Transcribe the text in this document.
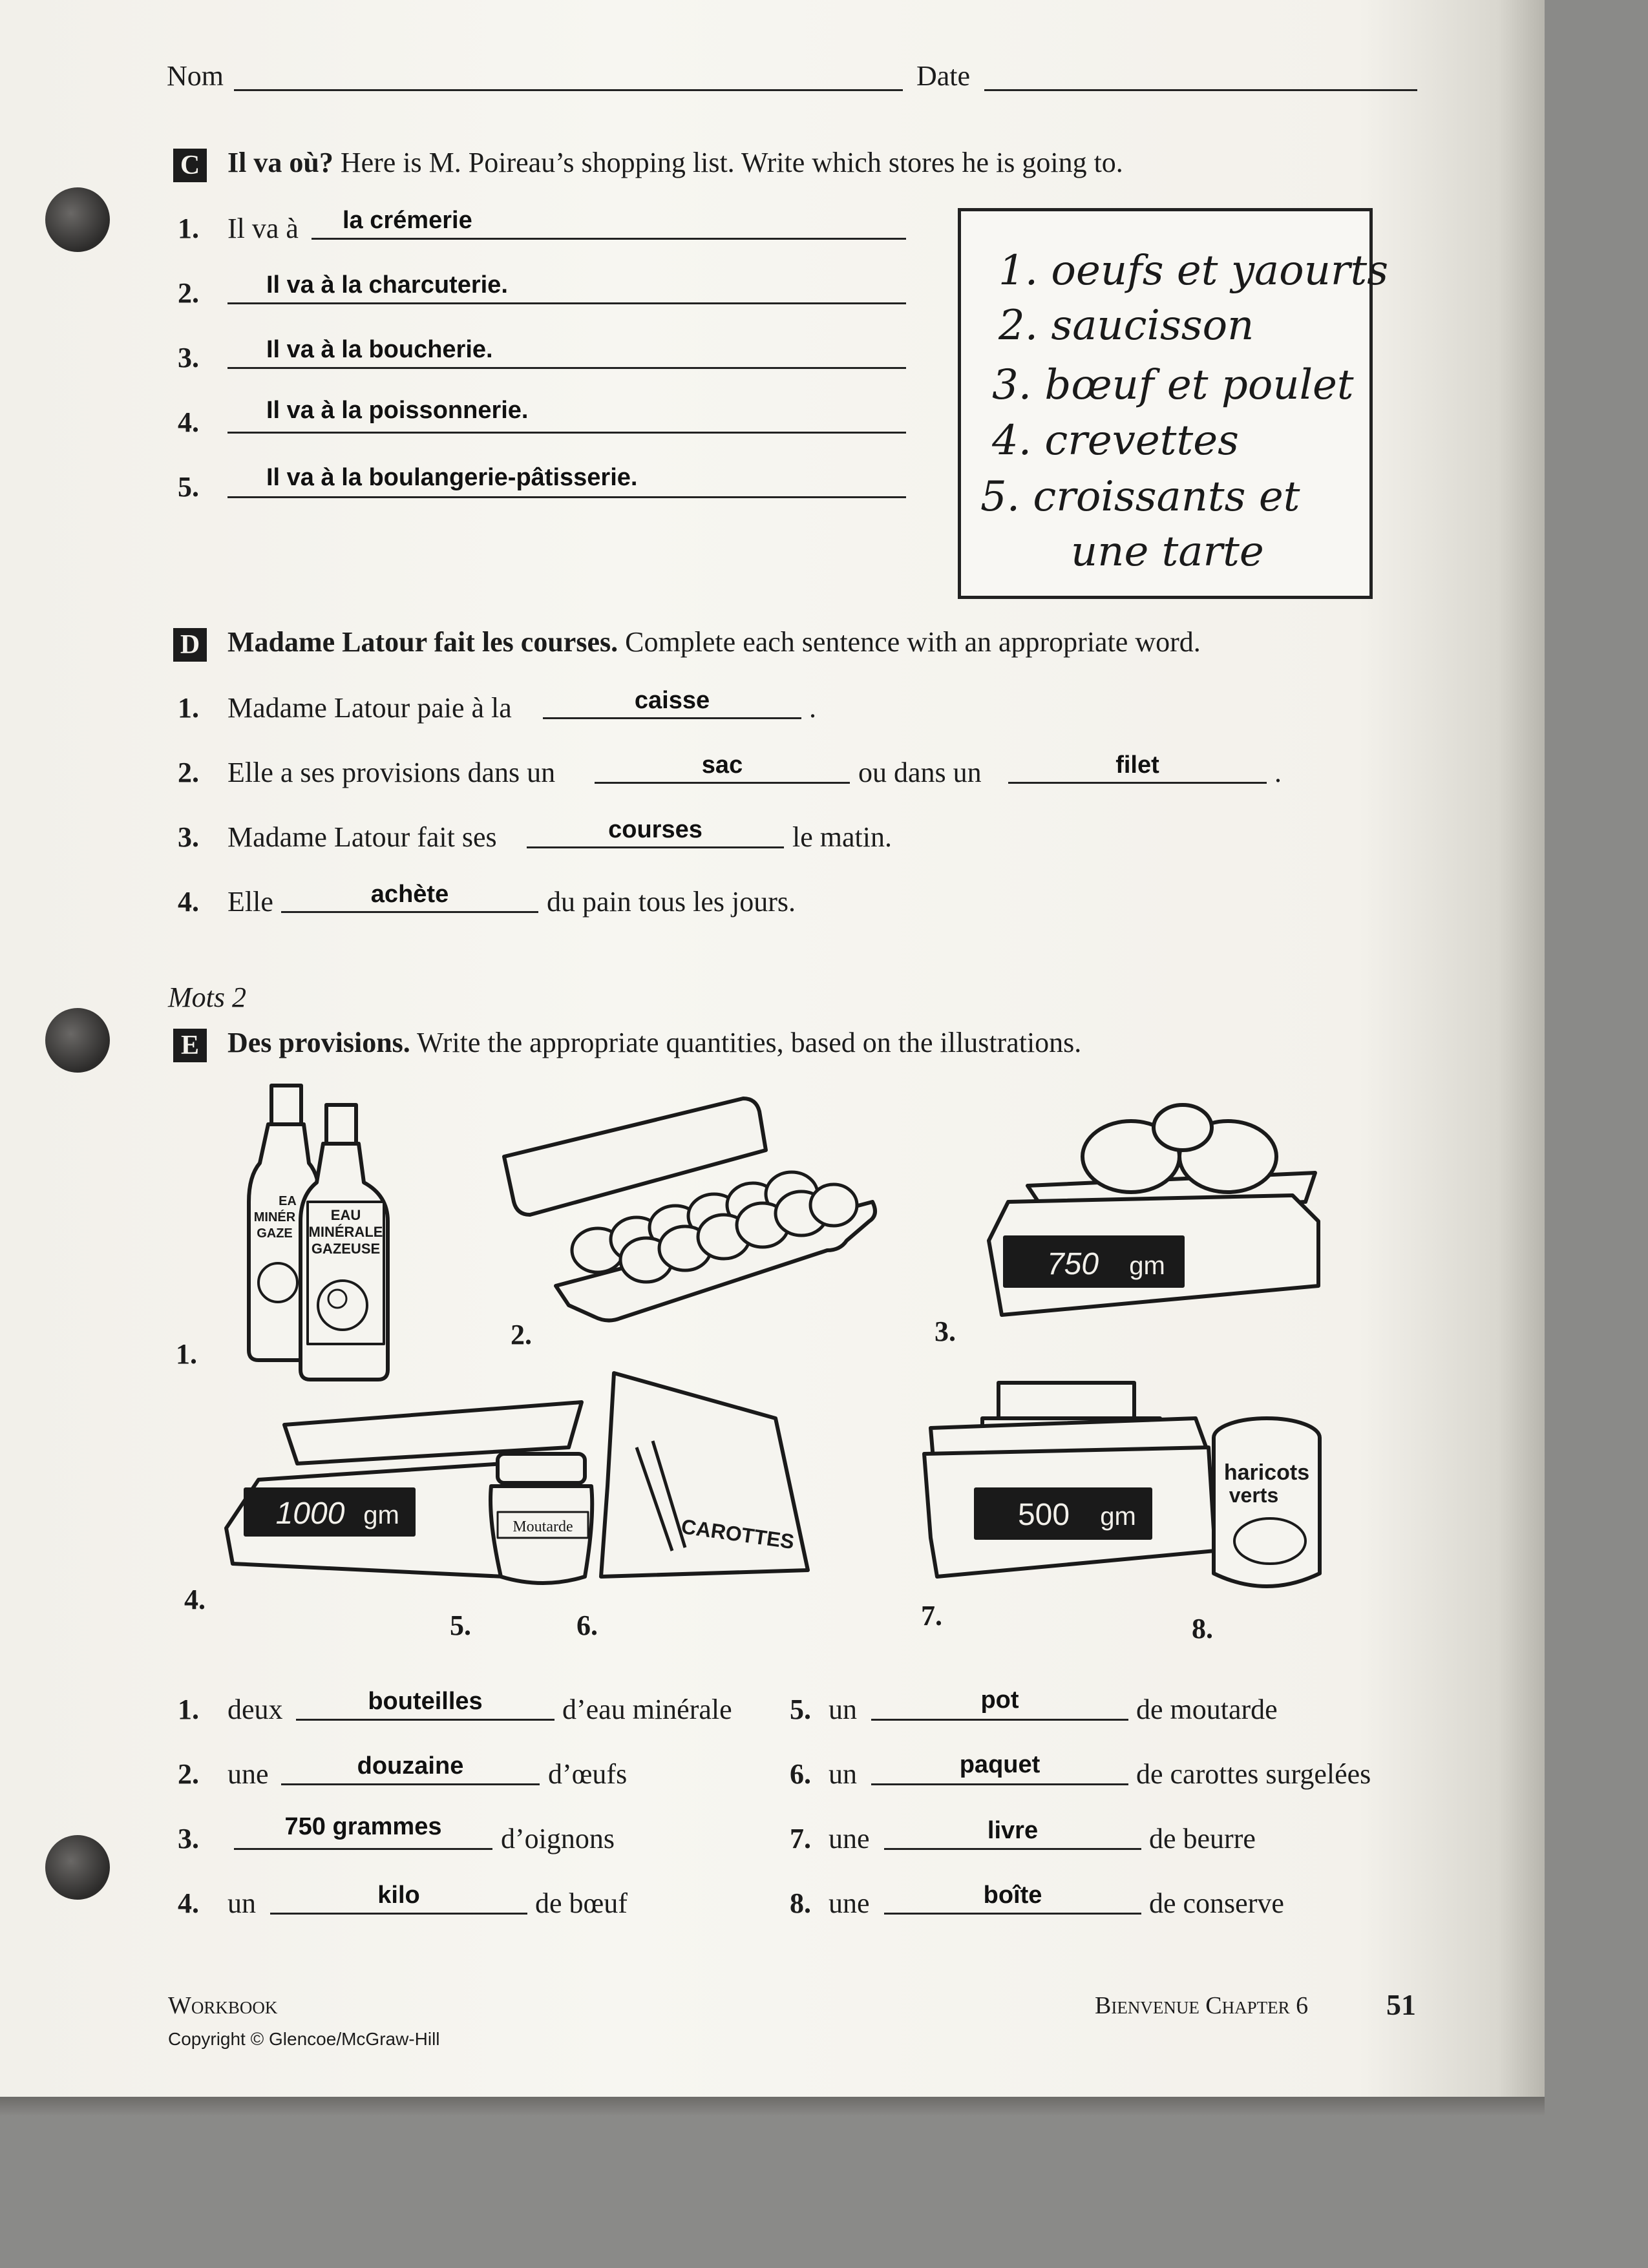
Nom	Date
C Il va où? Here is M. Poireau’s shopping list. Write which stores he is going to.
1. Il va à la crémerie
2.	Il va à la charcuterie.
3.	Il va à la boucherie.
4.	Il va à la poissonnerie.
5.	Il va à la boulangerie-pâtisserie.
1. oeufs et yaourts
2. saucisson
3. bœuf et poulet
4. crevettes
5. croissants et
une tarte
D Madame Latour fait les courses. Complete each sentence with an appropriate word.
1. Madame Latour paie à la	caisse	.
2. Elle a ses provisions dans un	sac	ou dans un	filet	.
3. Madame Latour fait ses	courses	le matin.
4. Elle	achète	du pain tous les jours.
Mots 2
E Des provisions. Write the appropriate quantities, based on the illustrations.
EAU
MINÉRALE
GAZEUSE
EA
MINÉR
GAZE
750 gm
1000 gm	500 gm
Moutarde	CAROTTES
haricots
verts
1.
2.	3.
4.
5.	6.	7.	8.
1. deux	bouteilles	d’eau minérale
2. une	douzaine	d’œufs
3.	750 grammes	d’oignons
4. un	kilo	de bœuf
5. un	pot	de moutarde
6. un	paquet	de carottes surgelées
7. une	livre	de beurre
8. une	boîte	de conserve
Workbook
Copyright © Glencoe/McGraw-Hill
Bienvenue Chapter 6	51
